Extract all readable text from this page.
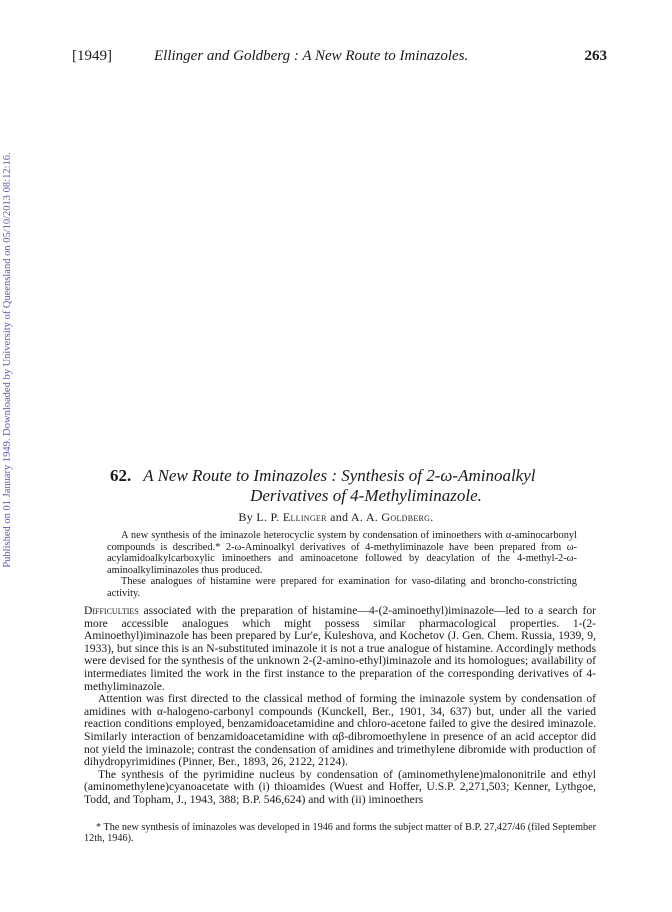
[1949]	Ellinger and Goldberg : A New Route to Iminazoles.	263
Published on 01 January 1949. Downloaded by University of Queensland on 05/10/2013 08:12:16.	62. A New Route to Iminazoles : Synthesis of 2-ω-Aminoalkyl
Derivatives of 4-Methyliminazole.
By L. P. Ellinger and A. A. Goldberg.

A new synthesis of the iminazole heterocyclic system by condensation of iminoethers with α-aminocarbonyl compounds is described.* 2-ω-Aminoalkyl derivatives of 4-methyliminazole have been prepared from ω-acylamidoalkylcarboxylic iminoethers and aminoacetone followed by deacylation of the 4-methyl-2-ω-aminoalkyliminazoles thus produced.

These analogues of histamine were prepared for examination for vaso-dilating and broncho-constricting activity.

Difficulties associated with the preparation of histamine—4-(2-aminoethyl)iminazole—led to a search for more accessible analogues which might possess similar pharmacological properties. 1-(2-Aminoethyl)iminazole has been prepared by Lur'e, Kuleshova, and Kochetov (J. Gen. Chem. Russia, 1939, 9, 1933), but since this is an N-substituted iminazole it is not a true analogue of histamine. Accordingly methods were devised for the synthesis of the unknown 2-(2-amino-ethyl)iminazole and its homologues; availability of intermediates limited the work in the first instance to the preparation of the corresponding derivatives of 4-methyliminazole.

Attention was first directed to the classical method of forming the iminazole system by condensation of amidines with α-halogeno-carbonyl compounds (Kunckell, Ber., 1901, 34, 637) but, under all the varied reaction conditions employed, benzamidoacetamidine and chloro-acetone failed to give the desired iminazole. Similarly interaction of benzamidoacetamidine with αβ-dibromoethylene in presence of an acid acceptor did not yield the iminazole; contrast the condensation of amidines and trimethylene dibromide with production of dihydropyrimidines (Pinner, Ber., 1893, 26, 2122, 2124).

The synthesis of the pyrimidine nucleus by condensation of (aminomethylene)malononitrile and ethyl (aminomethylene)cyanoacetate with (i) thioamides (Wuest and Hoffer, U.S.P. 2,271,503; Kenner, Lythgoe, Todd, and Topham, J., 1943, 388; B.P. 546,624) and with (ii) iminoethers

* The new synthesis of iminazoles was developed in 1946 and forms the subject matter of B.P. 27,427/46 (filed September 12th, 1946).
